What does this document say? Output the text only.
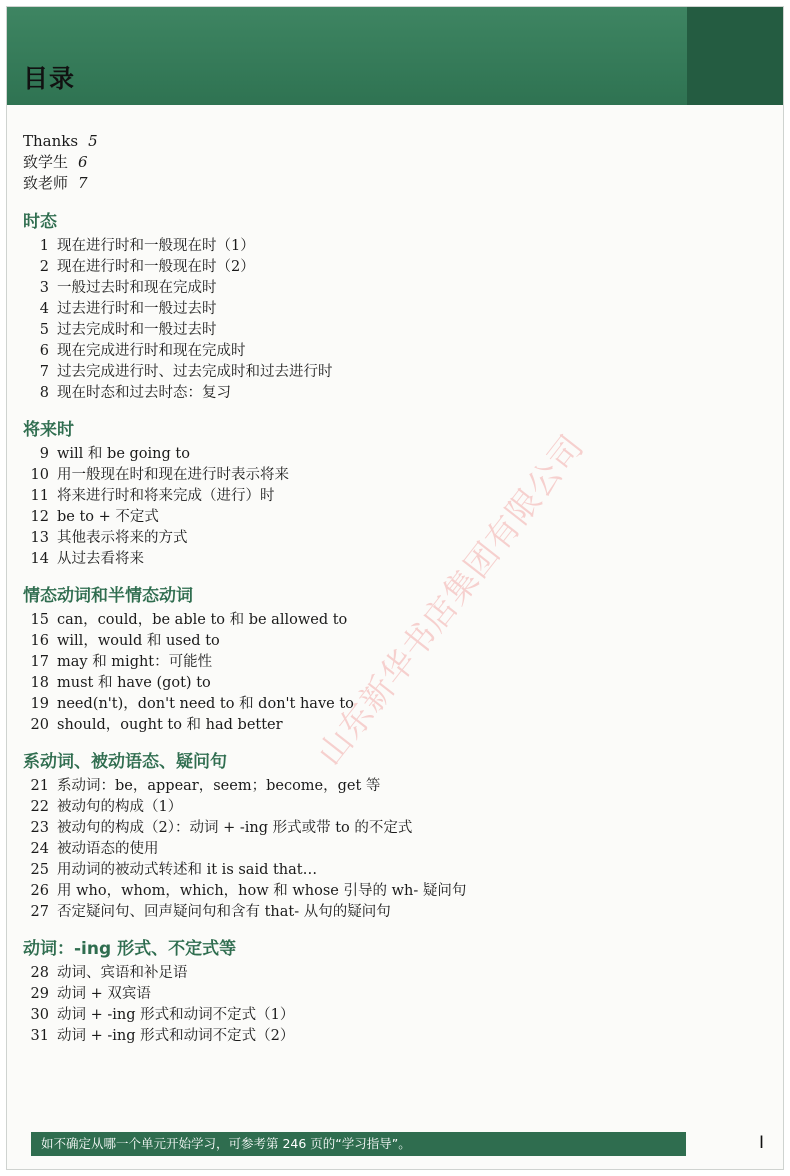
目录
Thanks 5
致学生 6
致老师 7
时态
1 现在进行时和一般现在时（1）
2 现在进行时和一般现在时（2）
3 一般过去时和现在完成时
4 过去进行时和一般过去时
5 过去完成时和一般过去时
6 现在完成进行时和现在完成时
7 过去完成进行时、过去完成时和过去进行时
8 现在时态和过去时态：复习
将来时
9 will 和 be going to
10 用一般现在时和现在进行时表示将来
11 将来进行时和将来完成（进行）时
12 be to + 不定式
13 其他表示将来的方式
14 从过去看将来
情态动词和半情态动词
15 can，could，be able to 和 be allowed to
16 will，would 和 used to
17 may 和 might：可能性
18 must 和 have (got) to
19 need(n't)，don't need to 和 don't have to
20 should，ought to 和 had better
系动词、被动语态、疑问句
21 系动词：be，appear，seem；become，get 等
22 被动句的构成（1）
23 被动句的构成（2）：动词 + -ing 形式或带 to 的不定式
24 被动语态的使用
25 用动词的被动式转述和 it is said that…
26 用 who，whom，which，how 和 whose 引导的 wh- 疑问句
27 否定疑问句、回声疑问句和含有 that- 从句的疑问句
动词：-ing 形式、不定式等
28 动词、宾语和补足语
29 动词 + 双宾语
30 动词 + -ing 形式和动词不定式（1）
31 动词 + -ing 形式和动词不定式（2）
如不确定从哪一个单元开始学习，可参考第 246 页的“学习指导”。	I
山东新华书店集团有限公司
